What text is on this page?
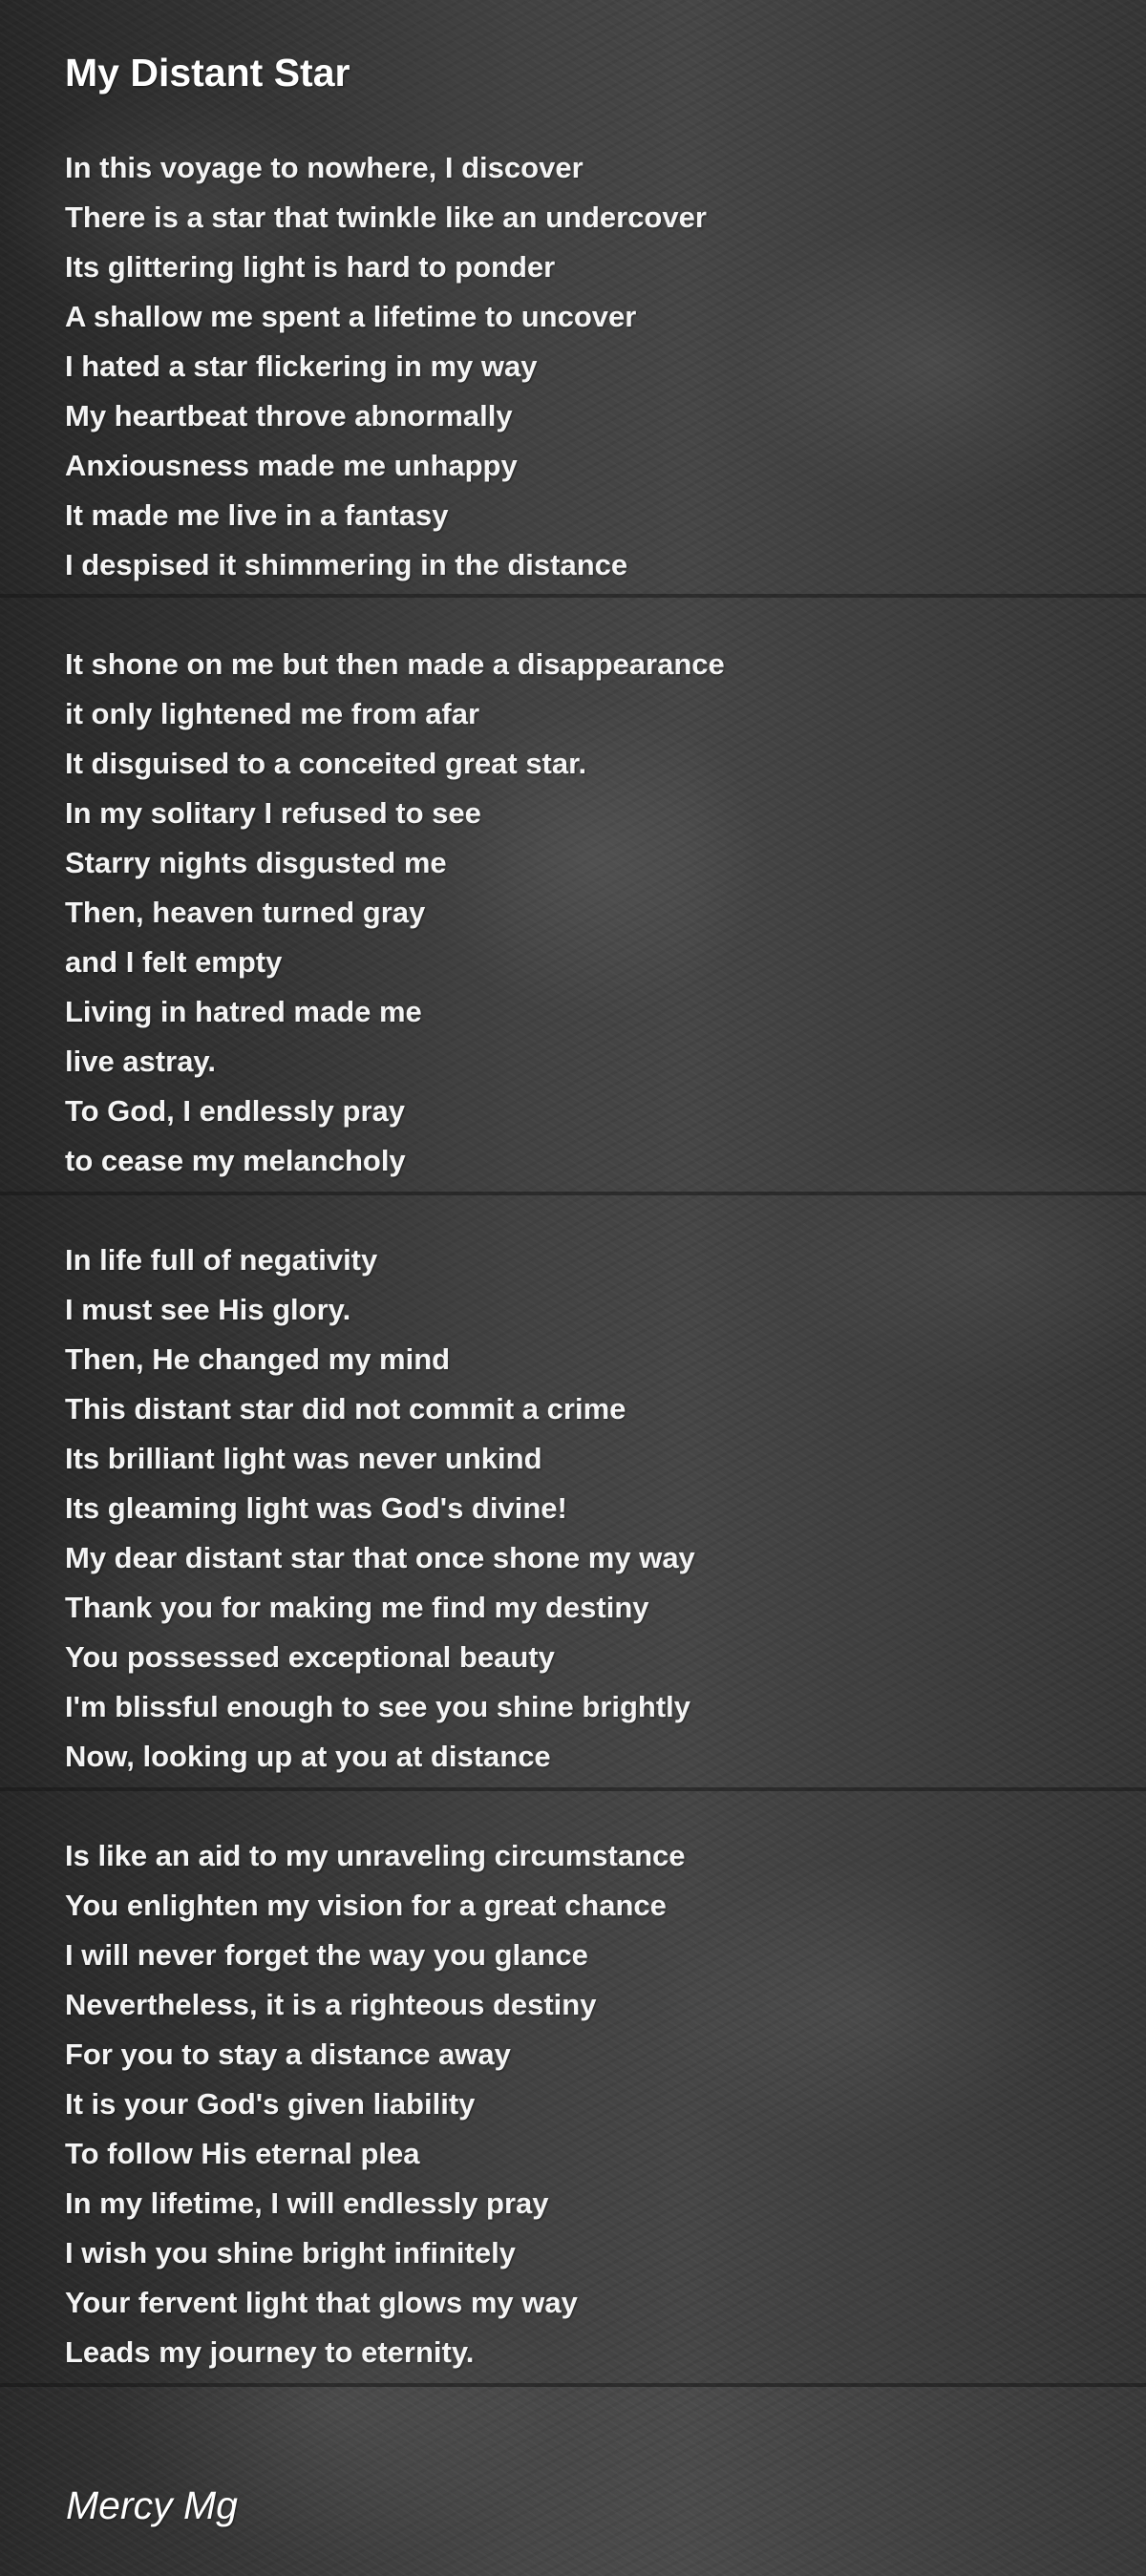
My Distant Star
In this voyage to nowhere, I discover
There is a star that twinkle like an undercover
Its glittering light is hard to ponder
A shallow me spent a lifetime to uncover
I hated a star flickering in my way
My heartbeat throve abnormally
Anxiousness made me unhappy
It made me live in a fantasy
I despised it shimmering in the distance
It shone on me but then made a disappearance
it only lightened me from afar
It disguised to a conceited great star.
In my solitary I refused to see
Starry nights disgusted me
Then, heaven turned gray
and I felt empty
Living in hatred made me
live astray.
To God, I endlessly pray
to cease my melancholy
In life full of negativity
I must see His glory.
Then, He changed my mind
This distant star did not commit a crime
Its brilliant light was never unkind
Its gleaming light was God's divine!
My dear distant star that once shone my way
Thank you for making me find my destiny
You possessed exceptional beauty
I'm blissful enough to see you shine brightly
Now, looking up at you at distance
Is like an aid to my unraveling circumstance
You enlighten my vision for a great chance
I will never forget the way you glance
Nevertheless, it is a righteous destiny
For you to stay a distance away
It is your God's given liability
To follow His eternal plea
In my lifetime, I will endlessly pray
I wish you shine bright infinitely
Your fervent light that glows my way
Leads my journey to eternity.
Mercy Mg
